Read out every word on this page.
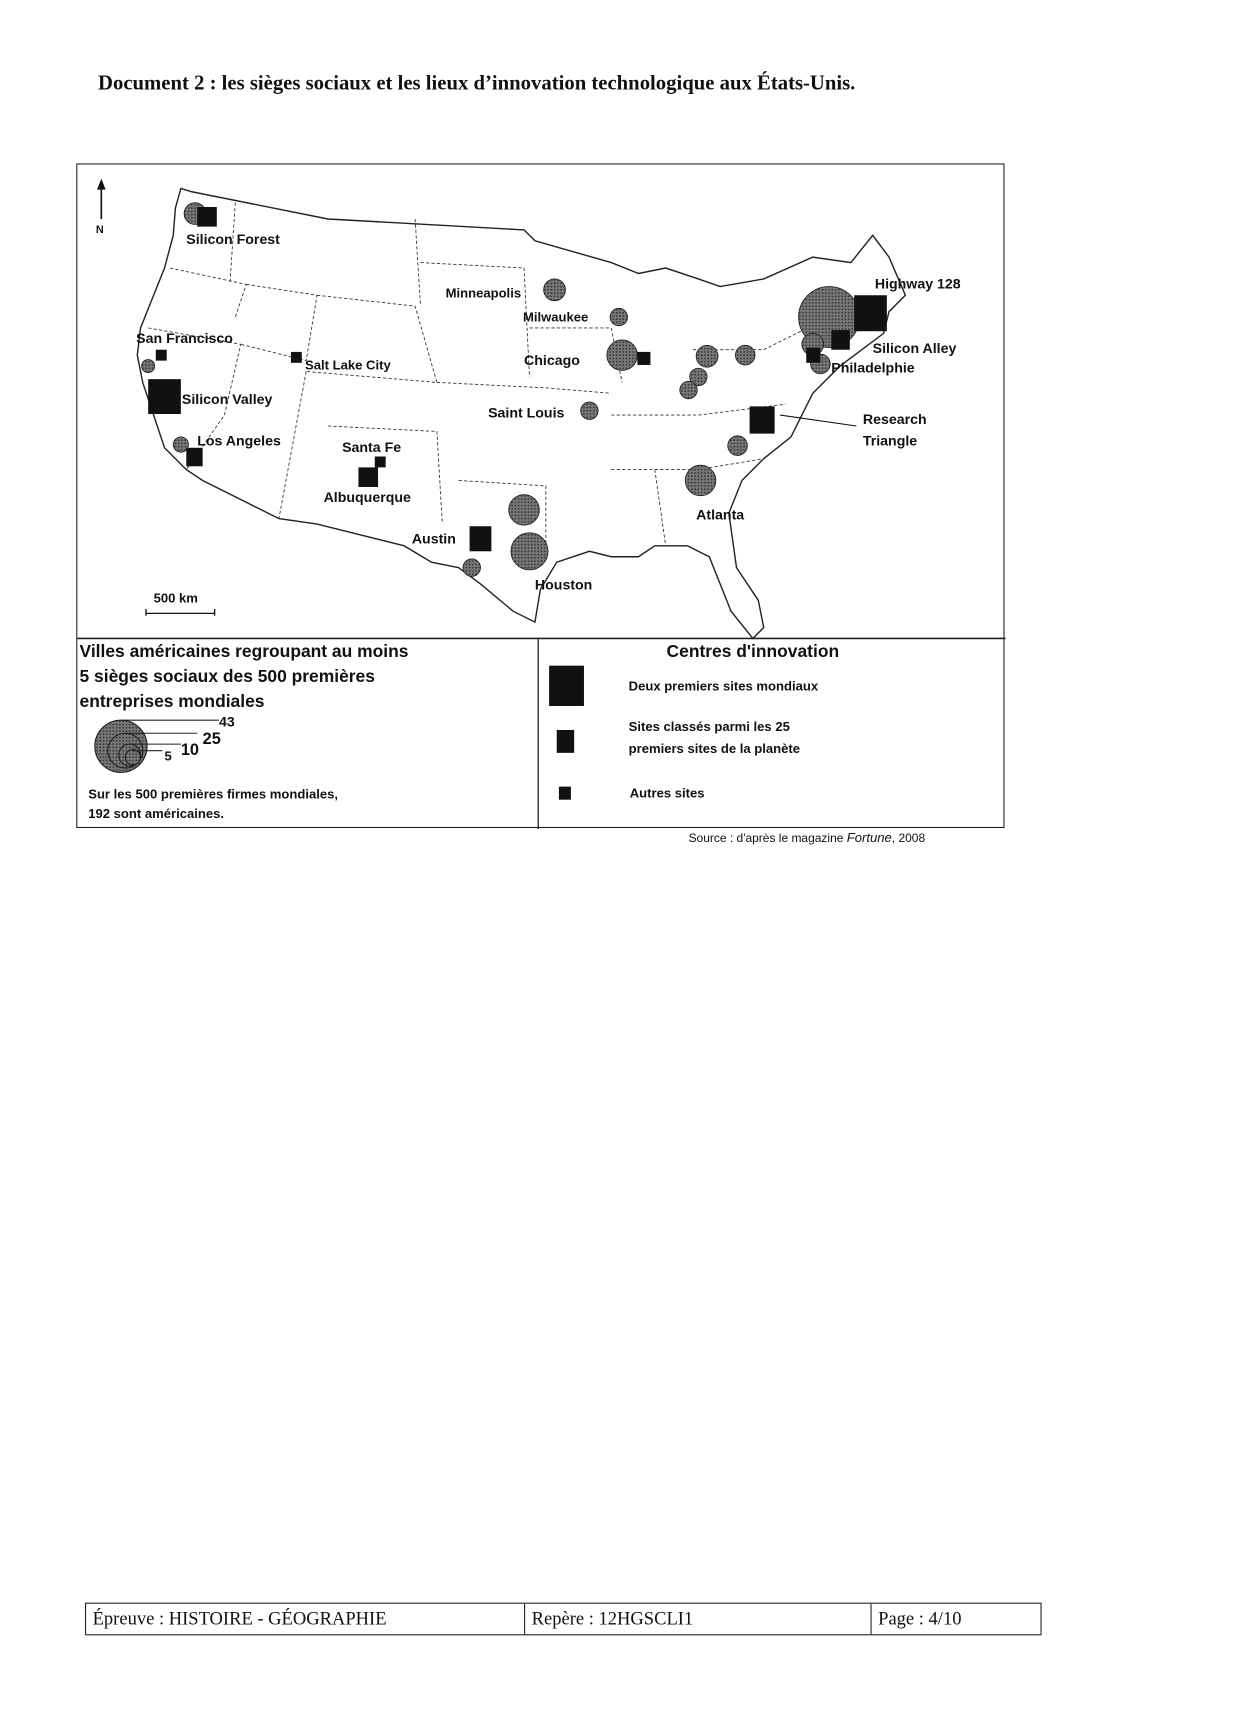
Document 2 : les sièges sociaux et les lieux d’innovation technologique aux États-Unis.
N
500 km
Silicon Forest
San Francisco
Silicon Valley
Los Angeles
Salt Lake City
Santa Fe
Albuquerque
Austin
Houston
Minneapolis
Milwaukee
Chicago
Saint Louis
Atlanta
Highway 128
Silicon Alley
Philadelphie
Research
Triangle
Villes américaines regroupant au moins
5 sièges sociaux des 500 premières
entreprises mondiales
43
25
10
5
Sur les 500 premières firmes mondiales,
192 sont américaines.
Centres d'innovation
Deux premiers sites mondiaux
Sites classés parmi les 25
premiers sites de la planète
Autres sites
Source : d'après le magazine Fortune, 2008
Épreuve : HISTOIRE - GÉOGRAPHIE	Repère : 12HGSCLI1	Page : 4/10
